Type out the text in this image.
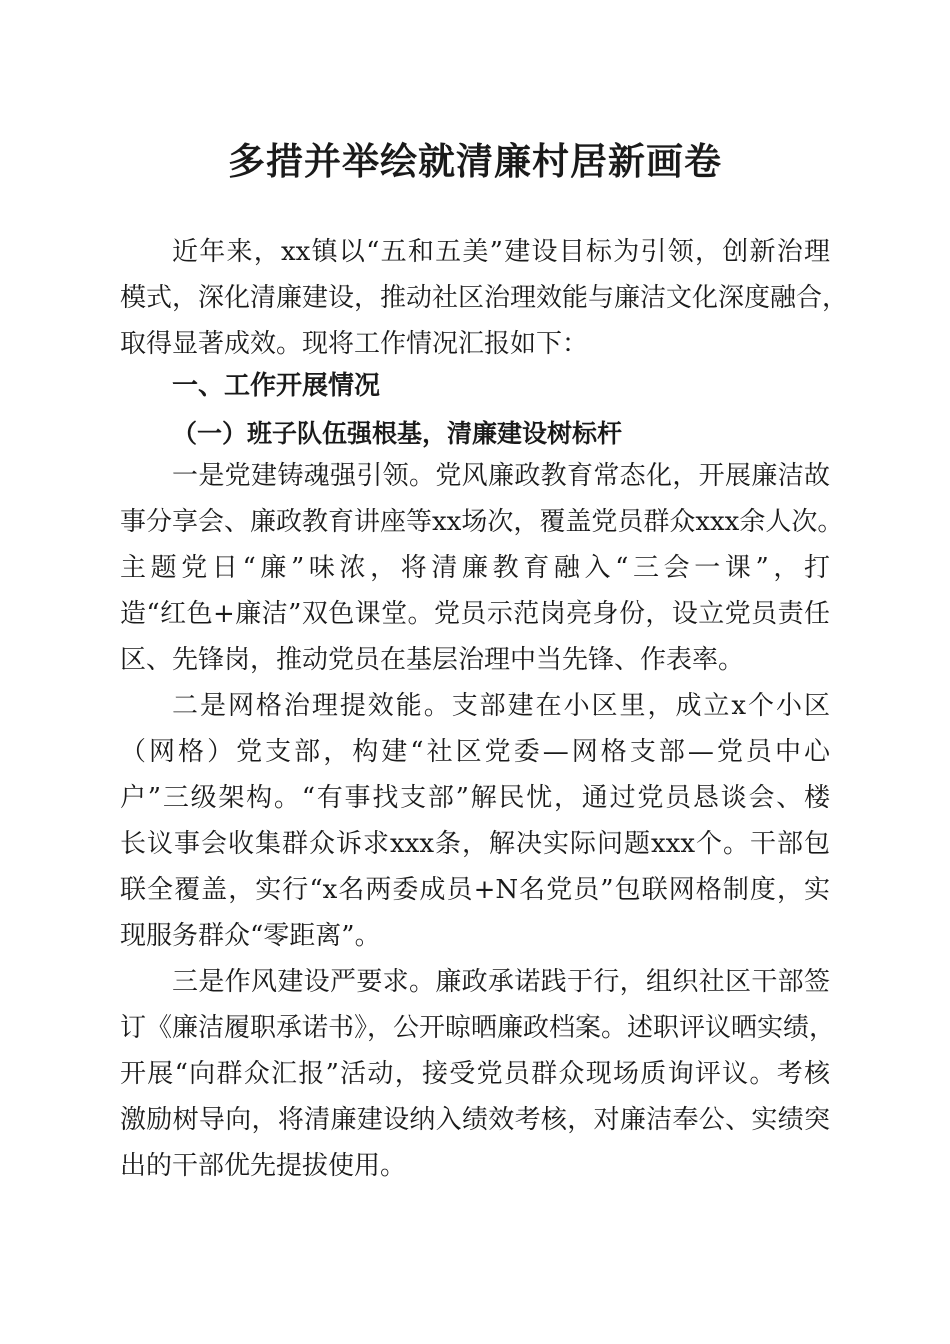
多措并举绘就清廉村居新画卷

近年来，xx镇以“五和五美”建设目标为引领，创新治理

模式，深化清廉建设，推动社区治理效能与廉洁文化深度融合，

取得显著成效。现将工作情况汇报如下：

一、工作开展情况
（一）班子队伍强根基，清廉建设树标杆

一是党建铸魂强引领。党风廉政教育常态化，开展廉洁故

事分享会、廉政教育讲座等xx场次，覆盖党员群众xxx余人次。

主题党日“廉”味浓，将清廉教育融入“三会一课”，打

造“红色+廉洁”双色课堂。党员示范岗亮身份，设立党员责任

区、先锋岗，推动党员在基层治理中当先锋、作表率。

二是网格治理提效能。支部建在小区里，成立x个小区

（网格）党支部，构建“社区党委—网格支部—党员中心

户”三级架构。“有事找支部”解民忧，通过党员恳谈会、楼

长议事会收集群众诉求xxx条，解决实际问题xxx个。干部包

联全覆盖，实行“x名两委成员+N名党员”包联网格制度，实

现服务群众“零距离”。

三是作风建设严要求。廉政承诺践于行，组织社区干部签

订《廉洁履职承诺书》，公开晾晒廉政档案。述职评议晒实绩，

开展“向群众汇报”活动，接受党员群众现场质询评议。考核

激励树导向，将清廉建设纳入绩效考核，对廉洁奉公、实绩突

出的干部优先提拔使用。
